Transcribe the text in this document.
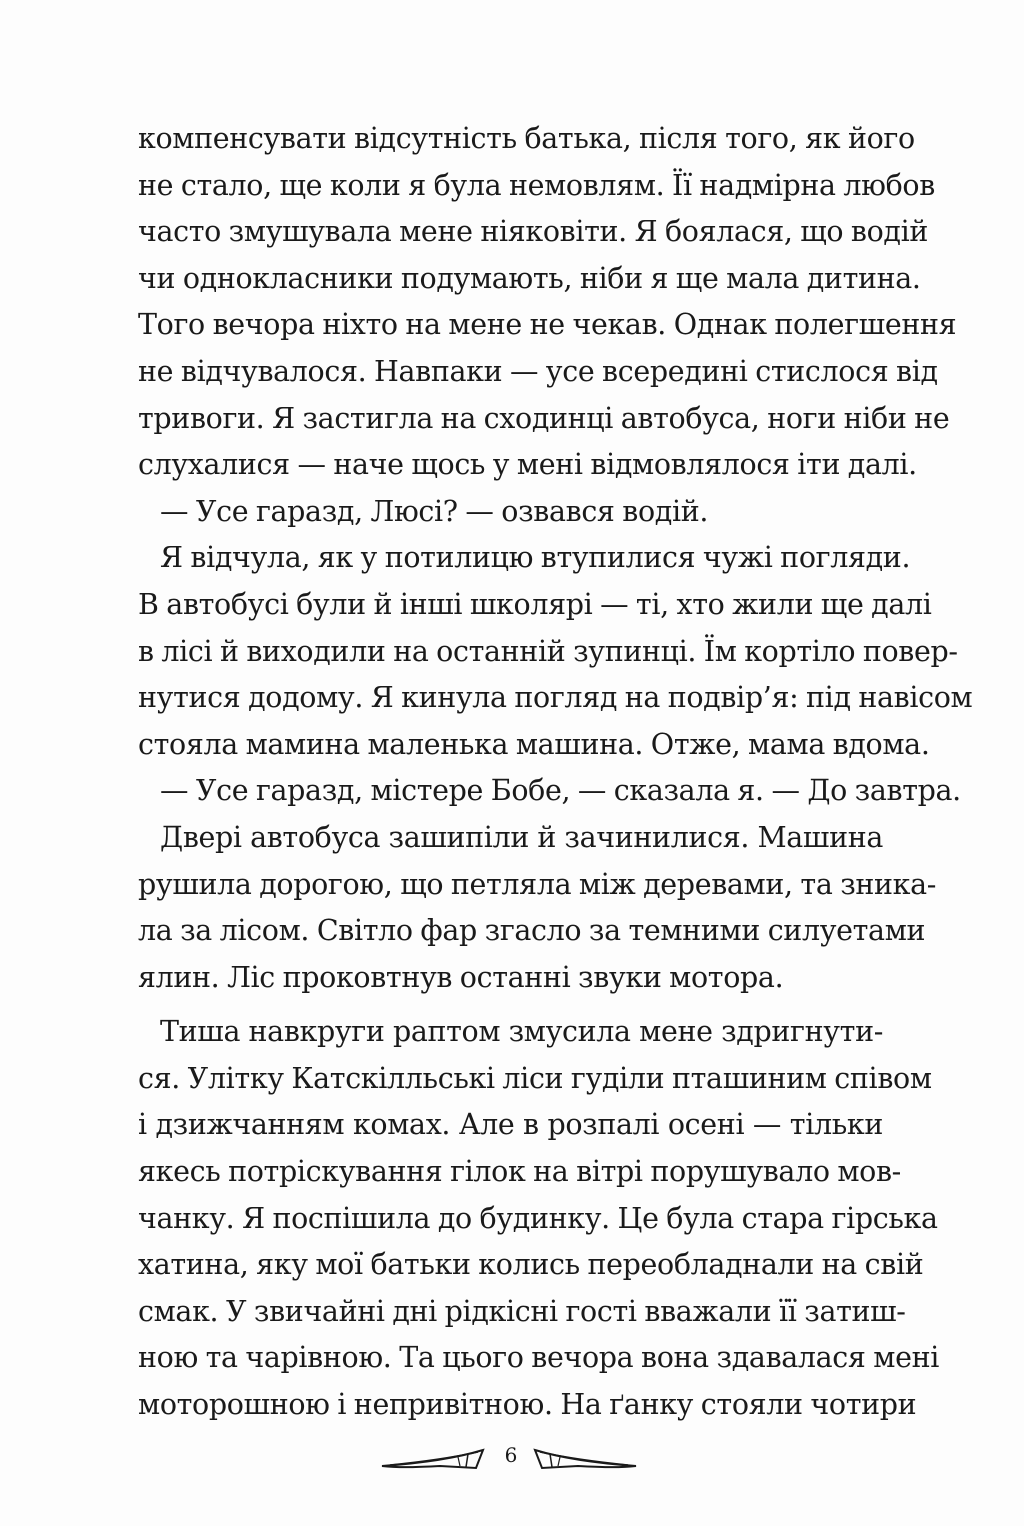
компенсувати відсутність батька, після того, як його
не стало, ще коли я була немовлям. Її надмірна любов
часто змушувала мене ніяковіти. Я боялася, що водій
чи однокласники подумають, ніби я ще мала дитина.
Того вечора ніхто на мене не чекав. Однак полегшення
не відчувалося. Навпаки — усе всередині стислося від
тривоги. Я застигла на сходинці автобуса, ноги ніби не
слухалися — наче щось у мені відмовлялося іти далі.
— Усе гаразд, Люсі? — озвався водій.
Я відчула, як у потилицю втупилися чужі погляди.
В автобусі були й інші школярі — ті, хто жили ще далі
в лісі й виходили на останній зупинці. Їм кортіло повер-
нутися додому. Я кинула погляд на подвір’я: під навісом
стояла мамина маленька машина. Отже, мама вдома.
— Усе гаразд, містере Бобе, — сказала я. — До завтра.
Двері автобуса зашипіли й зачинилися. Машина
рушила дорогою, що петляла між деревами, та зника-
ла за лісом. Світло фар згасло за темними силуетами
ялин. Ліс проковтнув останні звуки мотора.
Тиша навкруги раптом змусила мене здригнути-
ся. Улітку Катскілльські ліси гуділи пташиним співом
і дзижчанням комах. Але в розпалі осені — тільки
якесь потріскування гілок на вітрі порушувало мов-
чанку. Я поспішила до будинку. Це була стара гірська
хатина, яку мої батьки колись переобладнали на свій
смак. У звичайні дні рідкісні гості вважали її затиш-
ною та чарівною. Та цього вечора вона здавалася мені
моторошною і непривітною. На ґанку стояли чотири
6
